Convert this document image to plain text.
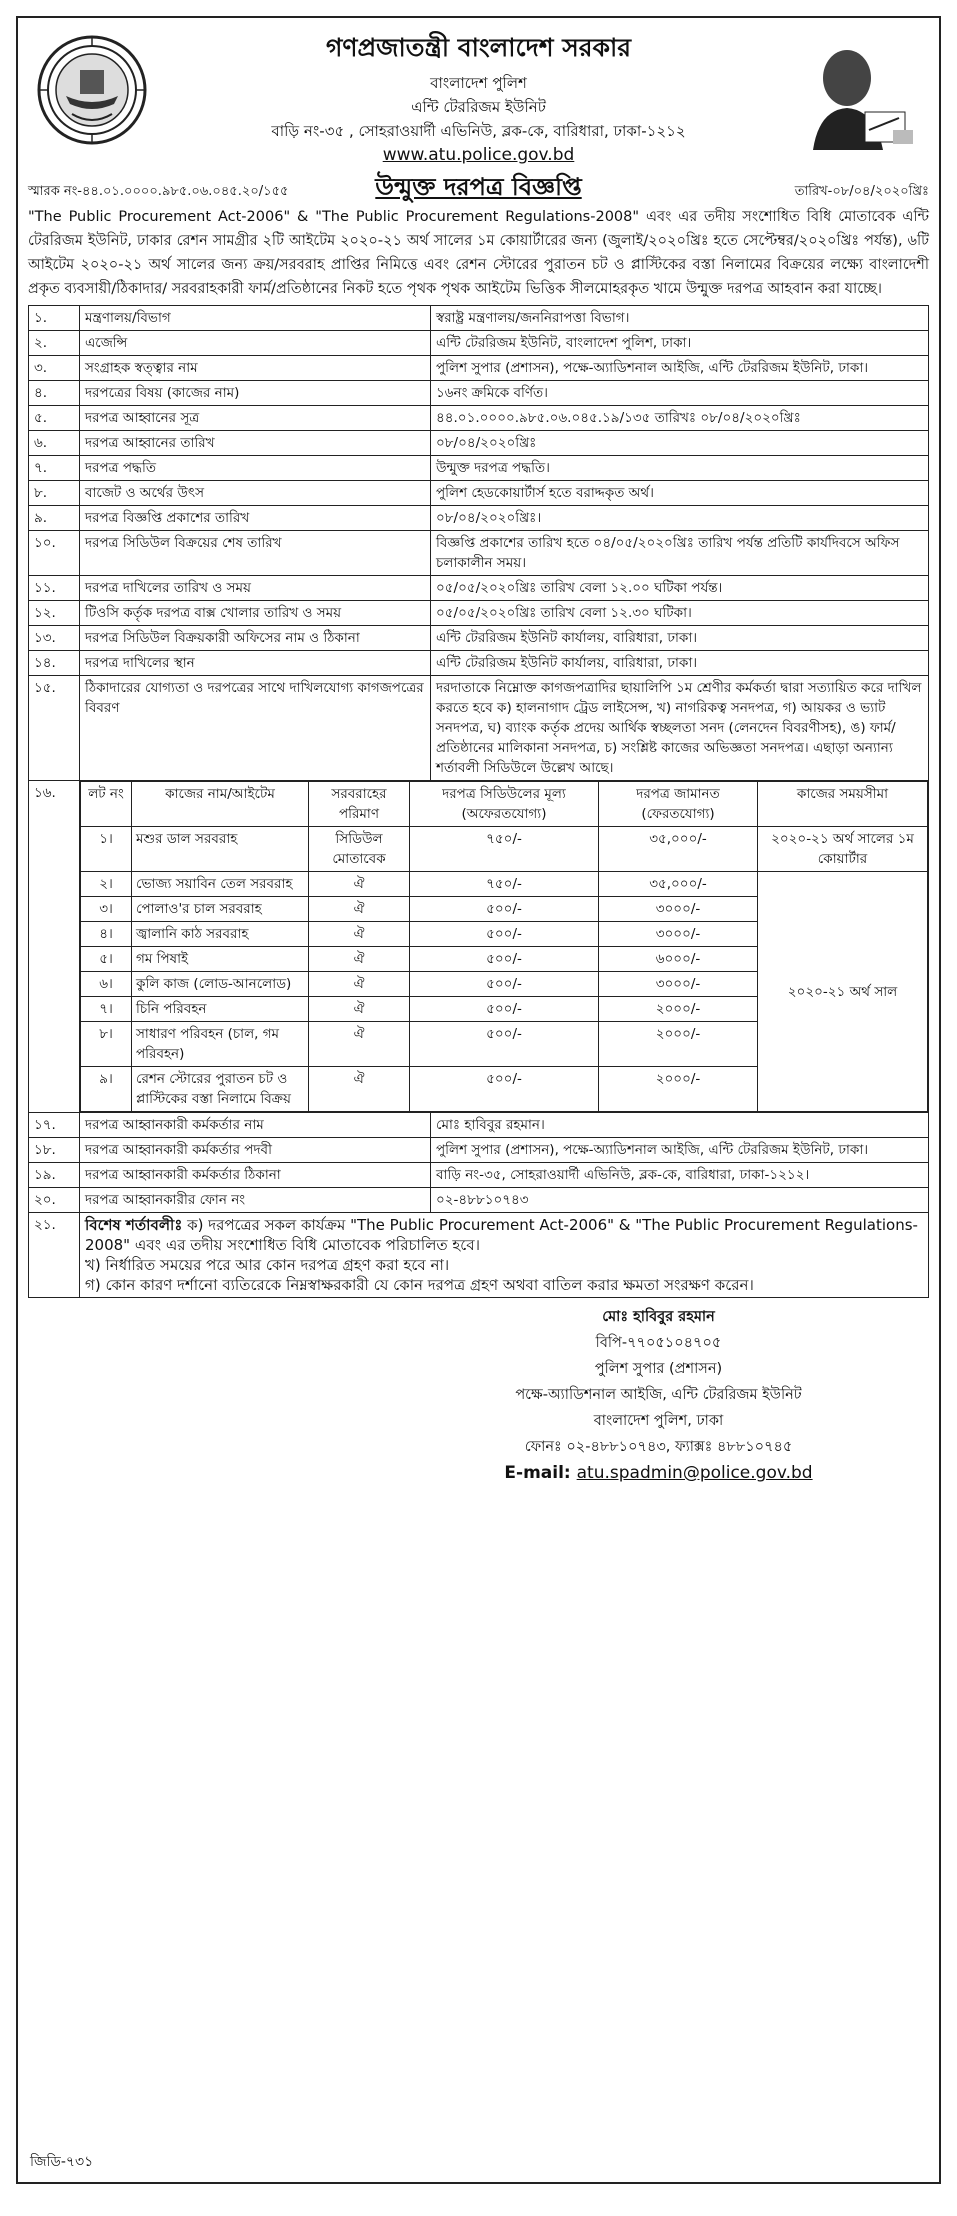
গণপ্রজাতন্ত্রী বাংলাদেশ সরকার
বাংলাদেশ পুলিশ
এন্টি টেররিজম ইউনিট
বাড়ি নং-৩৫ , সোহরাওয়ার্দী এভিনিউ, ব্লক-কে, বারিধারা, ঢাকা-১২১২
www.atu.police.gov.bd
উন্মুক্ত দরপত্র বিজ্ঞপ্তি
স্মারক নং-৪৪.০১.০০০০.৯৮৫.০৬.০৪৫.২০/১৫৫	তারিখ-০৮/০৪/২০২০খ্রিঃ

"The Public Procurement Act-2006" & "The Public Procurement Regulations-2008" এবং এর তদীয় সংশোধিত বিধি মোতাবেক এন্টি টেররিজম ইউনিট, ঢাকার রেশন সামগ্রীর ২টি আইটেম ২০২০-২১ অর্থ সালের ১ম কোয়ার্টারের জন্য (জুলাই/২০২০খ্রিঃ হতে সেপ্টেম্বর/২০২০খ্রিঃ পর্যন্ত), ৬টি আইটেম ২০২০-২১ অর্থ সালের জন্য ক্রয়/সরবরাহ প্রাপ্তির নিমিত্তে এবং রেশন স্টোরের পুরাতন চট ও প্লাস্টিকের বস্তা নিলামের বিক্রয়ের লক্ষ্যে বাংলাদেশী প্রকৃত ব্যবসায়ী/ঠিকাদার/ সরবরাহকারী ফার্ম/প্রতিষ্ঠানের নিকট হতে পৃথক পৃথক আইটেম ভিত্তিক সীলমোহরকৃত খামে উন্মুক্ত দরপত্র আহবান করা যাচ্ছে।

১.	মন্ত্রণালয়/বিভাগ	স্বরাষ্ট্র মন্ত্রণালয়/জননিরাপত্তা বিভাগ।
২.	এজেন্সি	এন্টি টেররিজম ইউনিট, বাংলাদেশ পুলিশ, ঢাকা।
৩.	সংগ্রাহক স্বত্ত্বার নাম	পুলিশ সুপার (প্রশাসন), পক্ষে-অ্যাডিশনাল আইজি, এন্টি টেররিজম ইউনিট, ঢাকা।
৪.	দরপত্রের বিষয় (কাজের নাম)	১৬নং ক্রমিকে বর্ণিত।
৫.	দরপত্র আহ্বানের সূত্র	৪৪.০১.০০০০.৯৮৫.০৬.০৪৫.১৯/১৩৫ তারিখঃ ০৮/০৪/২০২০খ্রিঃ
৬.	দরপত্র আহ্বানের তারিখ	০৮/০৪/২০২০খ্রিঃ
৭.	দরপত্র পদ্ধতি	উন্মুক্ত দরপত্র পদ্ধতি।
৮.	বাজেট ও অর্থের উৎস	পুলিশ হেডকোয়ার্টার্স হতে বরাদ্দকৃত অর্থ।
৯.	দরপত্র বিজ্ঞপ্তি প্রকাশের তারিখ	০৮/০৪/২০২০খ্রিঃ।
১০.	দরপত্র সিডিউল বিক্রয়ের শেষ তারিখ	বিজ্ঞপ্তি প্রকাশের তারিখ হতে ০৪/০৫/২০২০খ্রিঃ তারিখ পর্যন্ত প্রতিটি কার্যদিবসে অফিস চলাকালীন সময়।
১১.	দরপত্র দাখিলের তারিখ ও সময়	০৫/০৫/২০২০খ্রিঃ তারিখ বেলা ১২.০০ ঘটিকা পর্যন্ত।
১২.	টিওসি কর্তৃক দরপত্র বাক্স খোলার তারিখ ও সময়	০৫/০৫/২০২০খ্রিঃ তারিখ বেলা ১২.৩০ ঘটিকা।
১৩.	দরপত্র সিডিউল বিক্রয়কারী অফিসের নাম ও ঠিকানা	এন্টি টেররিজম ইউনিট কার্যালয়, বারিধারা, ঢাকা।
১৪.	দরপত্র দাখিলের স্থান	এন্টি টেররিজম ইউনিট কার্যালয়, বারিধারা, ঢাকা।
১৫.	ঠিকাদারের যোগ্যতা ও দরপত্রের সাথে দাখিলযোগ্য কাগজপত্রের বিবরণ	দরদাতাকে নিম্নোক্ত কাগজপত্রাদির ছায়ালিপি ১ম শ্রেণীর কর্মকর্তা দ্বারা সত্যায়িত করে দাখিল করতে হবে ক) হালনাগাদ ট্রেড লাইসেন্স, খ) নাগরিকত্ব সনদপত্র, গ) আয়কর ও ভ্যাট সনদপত্র, ঘ) ব্যাংক কর্তৃক প্রদেয় আর্থিক স্বচ্ছলতা সনদ (লেনদেন বিবরণীসহ), ঙ) ফার্ম/প্রতিষ্ঠানের মালিকানা সনদপত্র, চ) সংশ্লিষ্ট কাজের অভিজ্ঞতা সনদপত্র। এছাড়া অন্যান্য শর্তাবলী সিডিউলে উল্লেখ আছে।
১৬.	লট নং	কাজের নাম/আইটেম	সরবরাহের পরিমাণ	দরপত্র সিডিউলের মূল্য (অফেরতযোগ্য)	দরপত্র জামানত (ফেরতযোগ্য)	কাজের সময়সীমা
১।	মশুর ডাল সরবরাহ	সিডিউল মোতাবেক	৭৫০/-	৩৫,০০০/-	২০২০-২১ অর্থ সালের ১ম কোয়ার্টার
২।	ভোজ্য সয়াবিন তেল সরবরাহ	ঐ	৭৫০/-	৩৫,০০০/-	২০২০-২১ অর্থ সাল
৩।	পোলাও'র চাল সরবরাহ	ঐ	৫০০/-	৩০০০/-
৪।	জ্বালানি কাঠ সরবরাহ	ঐ	৫০০/-	৩০০০/-
৫।	গম পিষাই	ঐ	৫০০/-	৬০০০/-
৬।	কুলি কাজ (লোড-আনলোড)	ঐ	৫০০/-	৩০০০/-
৭।	চিনি পরিবহন	ঐ	৫০০/-	২০০০/-
৮।	সাধারণ পরিবহন (চাল, গম পরিবহন)	ঐ	৫০০/-	২০০০/-
৯।	রেশন স্টোরের পুরাতন চট ও প্লাস্টিকের বস্তা নিলামে বিক্রয়	ঐ	৫০০/-	২০০০/-

১৭.	দরপত্র আহ্বানকারী কর্মকর্তার নাম	মোঃ হাবিবুর রহমান।
১৮.	দরপত্র আহ্বানকারী কর্মকর্তার পদবী	পুলিশ সুপার (প্রশাসন), পক্ষে-অ্যাডিশনাল আইজি, এন্টি টেররিজম ইউনিট, ঢাকা।
১৯.	দরপত্র আহ্বানকারী কর্মকর্তার ঠিকানা	বাড়ি নং-৩৫, সোহরাওয়ার্দী এভিনিউ, ব্লক-কে, বারিধারা, ঢাকা-১২১২।
২০.	দরপত্র আহ্বানকারীর ফোন নং	০২-৪৮৮১০৭৪৩
২১.	বিশেষ শর্তাবলীঃ ক) দরপত্রের সকল কার্যক্রম "The Public Procurement Act-2006" & "The Public Procurement Regulations-2008" এবং এর তদীয় সংশোধিত বিধি মোতাবেক পরিচালিত হবে।
খ) নির্ধারিত সময়ের পরে আর কোন দরপত্র গ্রহণ করা হবে না।
গ) কোন কারণ দর্শানো ব্যতিরেকে নিম্নস্বাক্ষরকারী যে কোন দরপত্র গ্রহণ অথবা বাতিল করার ক্ষমতা সংরক্ষণ করেন।
মোঃ হাবিবুর রহমান
বিপি-৭৭০৫১০৪৭০৫
পুলিশ সুপার (প্রশাসন)
পক্ষে-অ্যাডিশনাল আইজি, এন্টি টেররিজম ইউনিট
বাংলাদেশ পুলিশ, ঢাকা
ফোনঃ ০২-৪৮৮১০৭৪৩, ফ্যাক্সঃ ৪৮৮১০৭৪৫
E-mail: atu.spadmin@police.gov.bd
জিডি-৭৩১
